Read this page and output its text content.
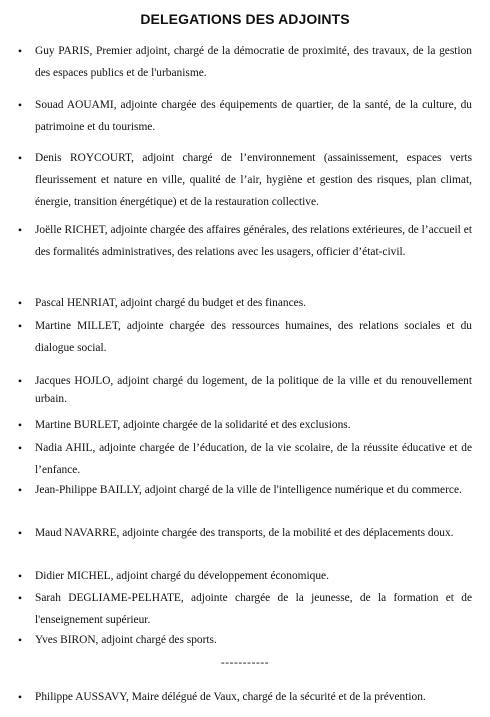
DELEGATIONS DES ADJOINTS
• Guy PARIS, Premier adjoint, chargé de la démocratie de proximité, des travaux, de la gestion des espaces publics et de l'urbanisme.
• Souad AOUAMI, adjointe chargée des équipements de quartier, de la santé, de la culture, du patrimoine et du tourisme.
• Denis ROYCOURT, adjoint chargé de l’environnement (assainissement, espaces verts fleurissement et nature en ville, qualité de l’air, hygiène et gestion des risques, plan climat, énergie, transition énergétique) et de la restauration collective.
• Joëlle RICHET, adjointe chargée des affaires générales, des relations extérieures, de l’accueil et des formalités administratives, des relations avec les usagers, officier d’état-civil.
• Pascal HENRIAT, adjoint chargé du budget et des finances.
• Martine MILLET, adjointe chargée des ressources humaines, des relations sociales et du dialogue social.
• Jacques HOJLO, adjoint chargé du logement, de la politique de la ville et du renouvellement urbain.
• Martine BURLET, adjointe chargée de la solidarité et des exclusions.
• Nadia AHIL, adjointe chargée de l’éducation, de la vie scolaire, de la réussite éducative et de l’enfance.
• Jean-Philippe BAILLY, adjoint chargé de la ville de l'intelligence numérique et du commerce.
• Maud NAVARRE, adjointe chargée des transports, de la mobilité et des déplacements doux.
• Didier MICHEL, adjoint chargé du développement économique.
• Sarah DEGLIAME-PELHATE, adjointe chargée de la jeunesse, de la formation et de l'enseignement supérieur.
• Yves BIRON, adjoint chargé des sports.
-----------
• Philippe AUSSAVY, Maire délégué de Vaux, chargé de la sécurité et de la prévention.
